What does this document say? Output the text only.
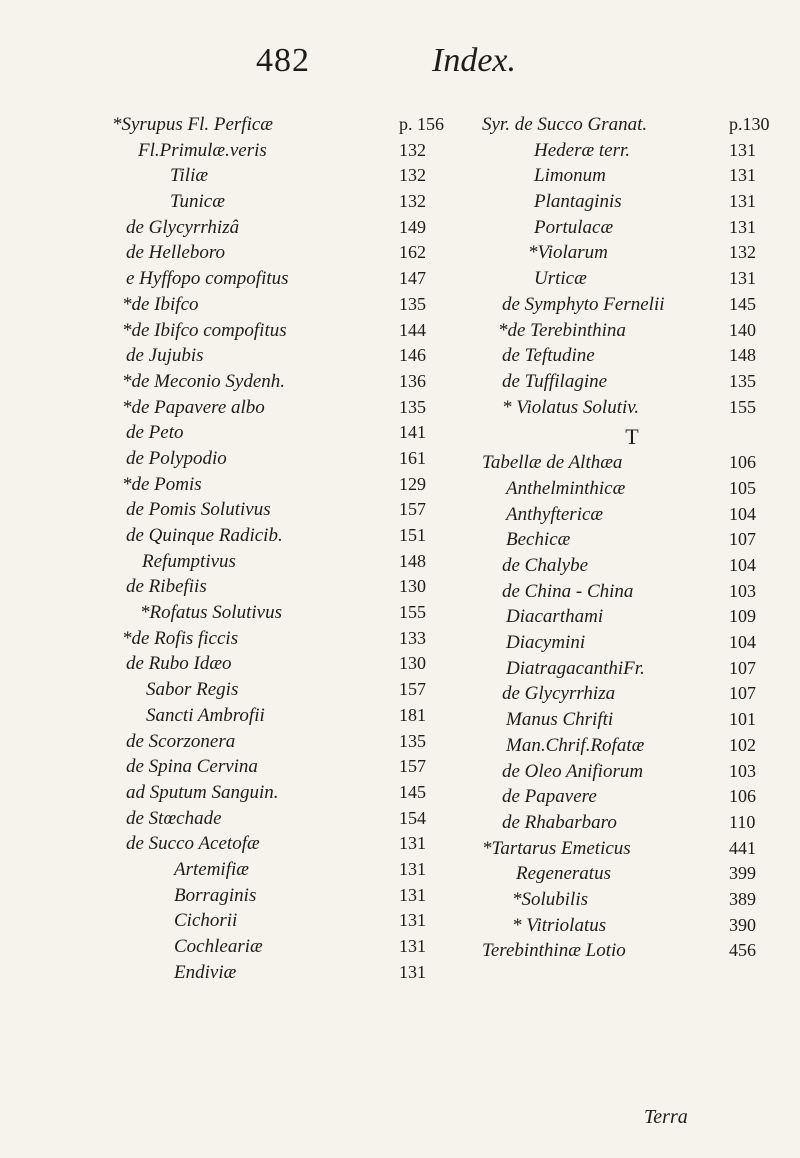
482	Index.
*Syrupus Fl. Perficæ	p. 156
Fl.Primulæ.veris	132
Tiliæ	132
Tunicæ	132
de Glycyrrhizâ	149
de Helleboro	162
e Hyffopo compofitus	147
*de Ibifco	135
*de Ibifco compofitus	144
de Jujubis	146
*de Meconio Sydenh.	136
*de Papavere albo	135
de Peto	141
de Polypodio	161
*de Pomis	129
de Pomis Solutivus	157
de Quinque Radicib.	151
Refumptivus	148
de Ribefiis	130
*Rofatus Solutivus	155
*de Rofis ficcis	133
de Rubo Idæo	130
Sabor Regis	157
Sancti Ambrofii	181
de Scorzonera	135
de Spina Cervina	157
ad Sputum Sanguin.	145
de Stœchade	154
de Succo Acetofæ	131
Artemifiæ	131
Borraginis	131
Cichorii	131
Cochleariæ	131
Endiviæ	131
Syr. de Succo Granat.	p.130
Hederæ terr.	131
Limonum	131
Plantaginis	131
Portulacæ	131
*Violarum	132
Urticæ	131
de Symphyto Fernelii	145
*de Terebinthina	140
de Teftudine	148
de Tuffilagine	135
* Violatus Solutiv.	155
T
Tabellæ de Althæa	106
Anthelminthicæ	105
Anthyftericæ	104
Bechicæ	107
de Chalybe	104
de China - China	103
Diacarthami	109
Diacymini	104
DiatragacanthiFr.	107
de Glycyrrhiza	107
Manus Chrifti	101
Man.Chrif.Rofatæ	102
de Oleo Anifiorum	103
de Papavere	106
de Rhabarbaro	110
*Tartarus Emeticus	441
Regeneratus	399
*Solubilis	389
* Vitriolatus	390
Terebinthinæ Lotio	456
Terra
